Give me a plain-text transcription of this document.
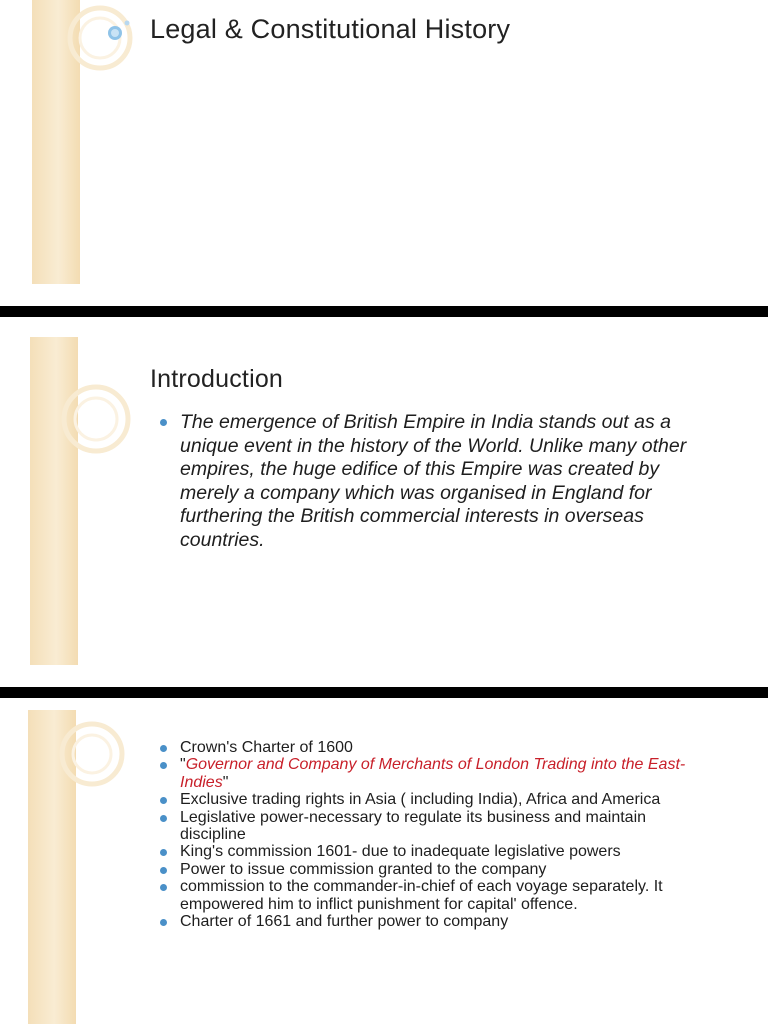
Legal & Constitutional History
Introduction
The emergence of British Empire in India stands out as a unique event in the history of the World. Unlike many other empires, the huge edifice of this Empire was created by merely a company which was organised in England for furthering the British commercial interests in overseas countries.
Crown's Charter of 1600
"Governor and Company of Merchants of London Trading into the East-Indies"
Exclusive trading rights in Asia ( including India), Africa and America
Legislative power-necessary to regulate its business and maintain discipline
King's commission 1601- due to inadequate legislative powers
Power to issue commission granted to the company
commission to the commander-in-chief of each voyage separately. It empowered him to inflict punishment for capital' offence.
Charter of 1661 and further power to company
